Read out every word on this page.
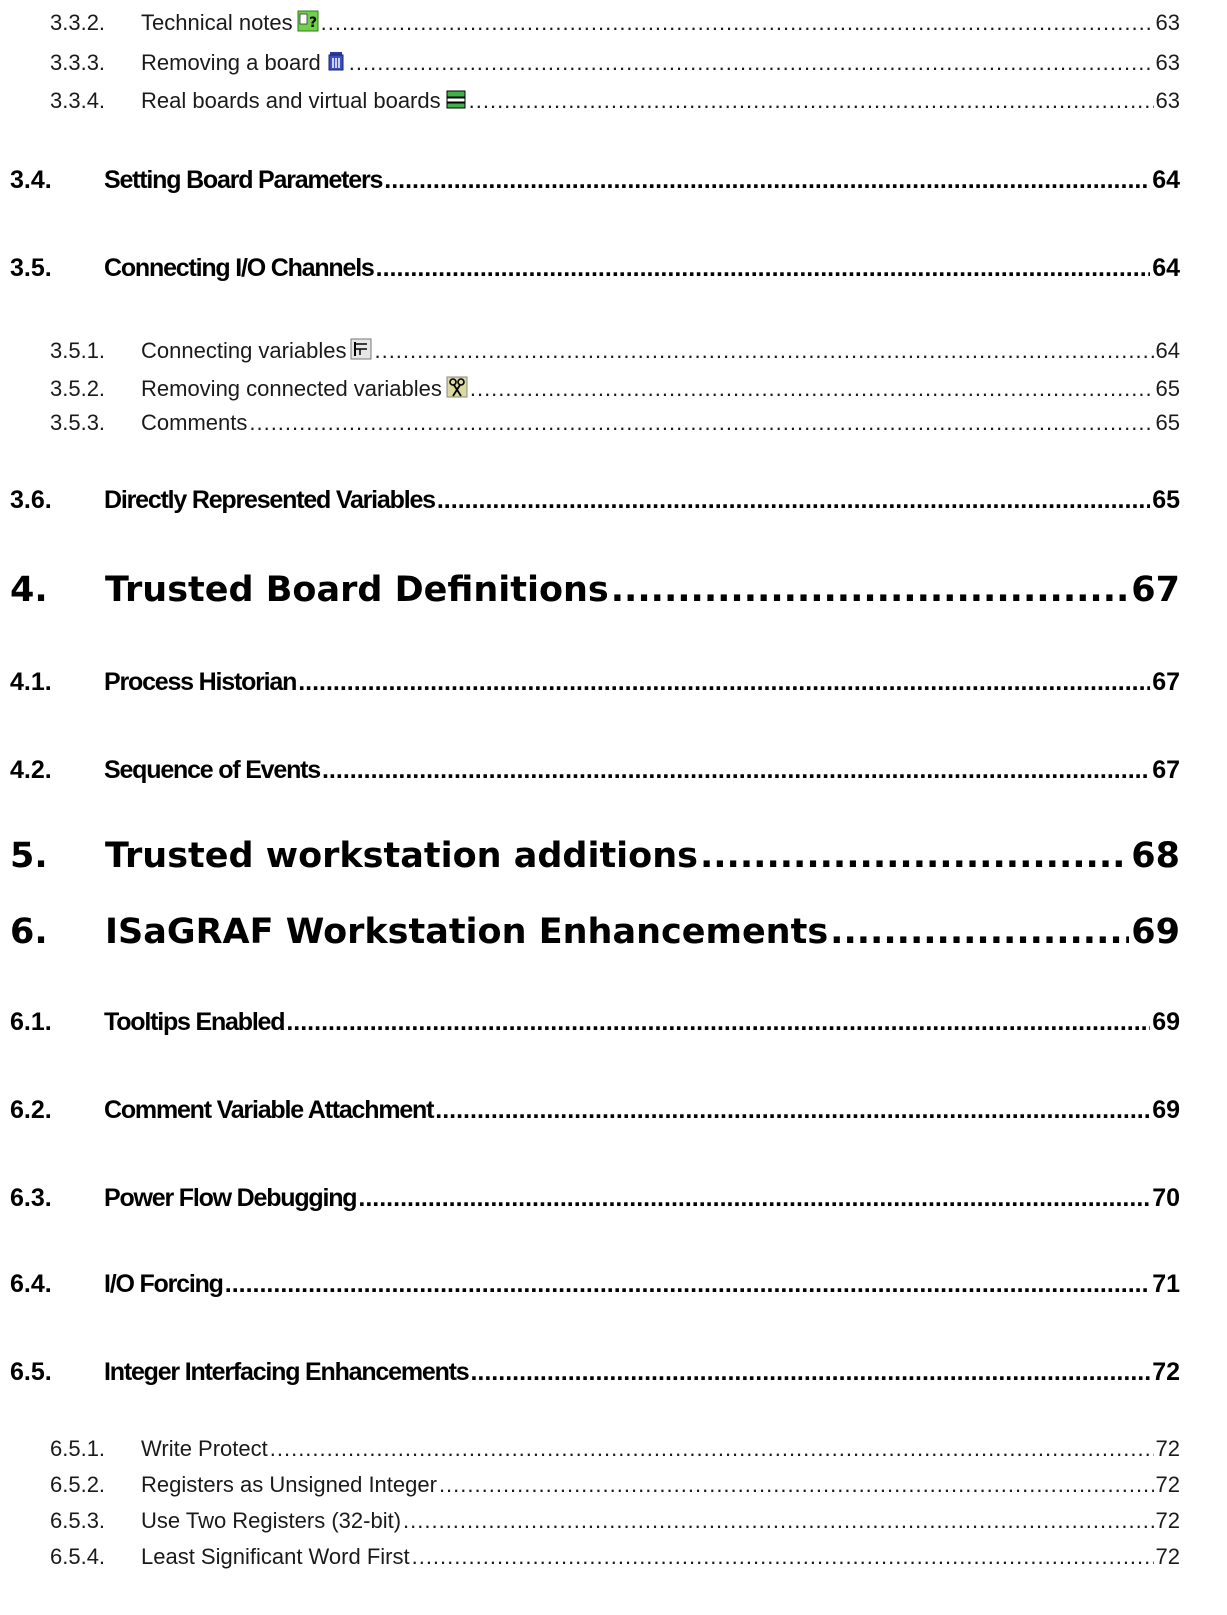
3.3.2.	Technical notes ? .....	63
3.3.3.	Removing a board .....	63
3.3.4.	Real boards and virtual boards .....	63
3.4.	Setting Board Parameters .....	64
3.5.	Connecting I/O Channels .....	64
3.5.1.	Connecting variables .....	64
3.5.2.	Removing connected variables .....	65
3.5.3.	Comments .....	65
3.6.	Directly Represented Variables .....	65
4.	Trusted Board Definitions .....	67
4.1.	Process Historian .....	67
4.2.	Sequence of Events .....	67
5.	Trusted workstation additions .....	68
6.	ISaGRAF Workstation Enhancements .....	69
6.1.	Tooltips Enabled .....	69
6.2.	Comment Variable Attachment .....	69
6.3.	Power Flow Debugging .....	70
6.4.	I/O Forcing .....	71
6.5.	Integer Interfacing Enhancements .....	72
6.5.1.	Write Protect .....	72
6.5.2.	Registers as Unsigned Integer .....	72
6.5.3.	Use Two Registers (32-bit) .....	72
6.5.4.	Least Significant Word First .....	72
